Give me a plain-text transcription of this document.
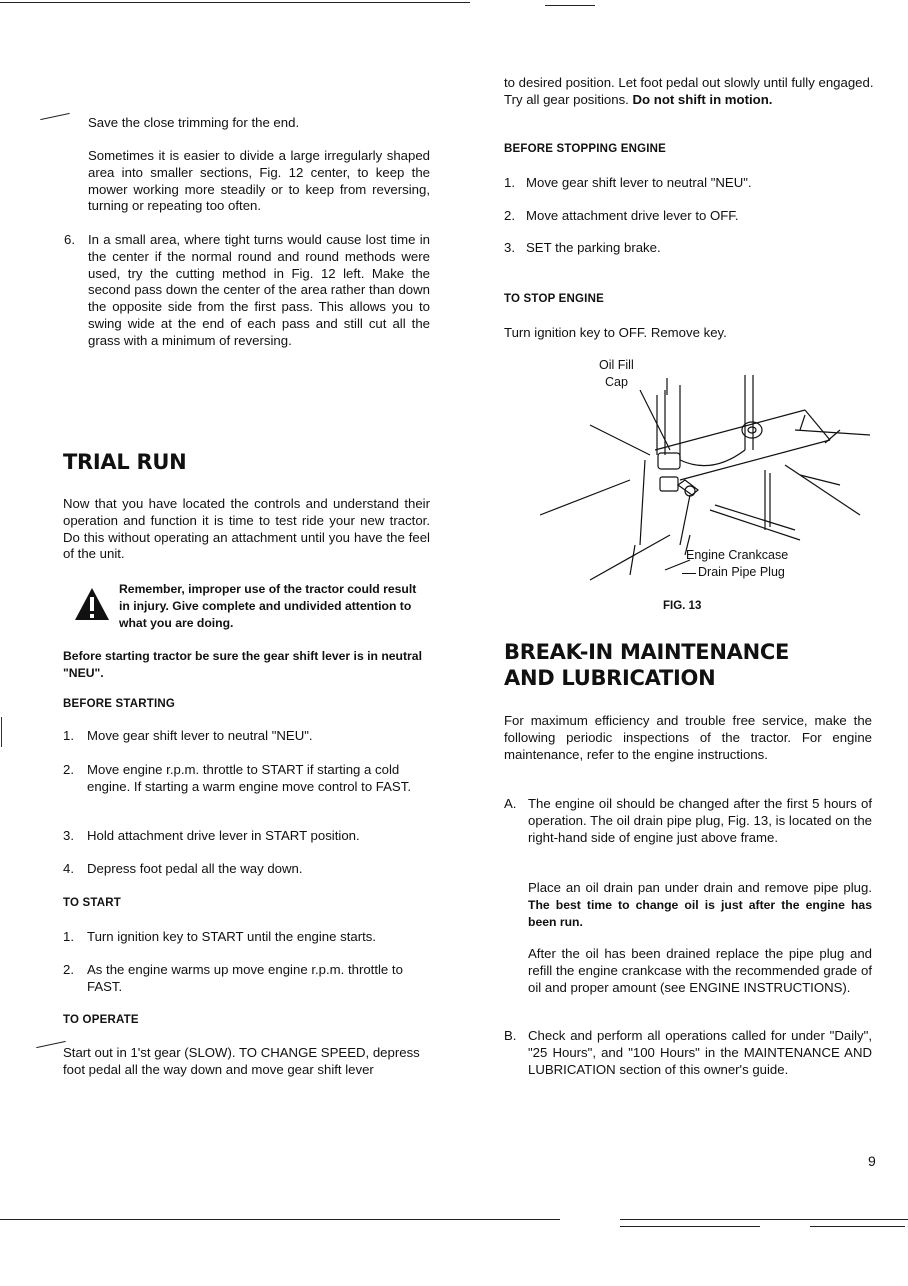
Save the close trimming for the end.
Sometimes it is easier to divide a large irregularly shaped area into smaller sections, Fig. 12 center, to keep the mower working more steadily or to keep from reversing, turning or repeating too often.
6. In a small area, where tight turns would cause lost time in the center if the normal round and round methods were used, try the cutting method in Fig. 12 left. Make the second pass down the center of the area rather than down the opposite side from the first pass. This allows you to swing wide at the end of each pass and still cut all the grass with a minimum of reversing.
TRIAL RUN

Now that you have located the controls and understand their operation and function it is time to test ride your new tractor. Do this without operating an attachment until you have the feel of the unit.

Remember, improper use of the tractor could result in injury. Give complete and undivided attention to what you are doing.

Before starting tractor be sure the gear shift lever is in neutral "NEU".

BEFORE STARTING
1. Move gear shift lever to neutral "NEU".
2. Move engine r.p.m. throttle to START if starting a cold engine. If starting a warm engine move control to FAST.
3. Hold attachment drive lever in START position.
4. Depress foot pedal all the way down.
TO START
1. Turn ignition key to START until the engine starts.
2. As the engine warms up move engine r.p.m. throttle to FAST.
TO OPERATE

Start out in 1'st gear (SLOW). TO CHANGE SPEED, depress foot pedal all the way down and move gear shift lever

to desired position. Let foot pedal out slowly until fully engaged. Try all gear positions. Do not shift in motion.

BEFORE STOPPING ENGINE
1. Move gear shift lever to neutral "NEU".
2. Move attachment drive lever to OFF.
3. SET the parking brake.
TO STOP ENGINE

Turn ignition key to OFF. Remove key.

Oil Fill
Cap
Engine Crankcase
Drain Pipe Plug
FIG. 13
BREAK-IN MAINTENANCE
AND LUBRICATION

For maximum efficiency and trouble free service, make the following periodic inspections of the tractor. For engine maintenance, refer to the engine instructions.

A. The engine oil should be changed after the first 5 hours of operation. The oil drain pipe plug, Fig. 13, is located on the right-hand side of engine just above frame.

Place an oil drain pan under drain and remove pipe plug. The best time to change oil is just after the engine has been run.

After the oil has been drained replace the pipe plug and refill the engine crankcase with the recommended grade of oil and proper amount (see ENGINE INSTRUCTIONS).

B. Check and perform all operations called for under "Daily", "25 Hours", and "100 Hours" in the MAINTENANCE AND LUBRICATION section of this owner's guide.

9
